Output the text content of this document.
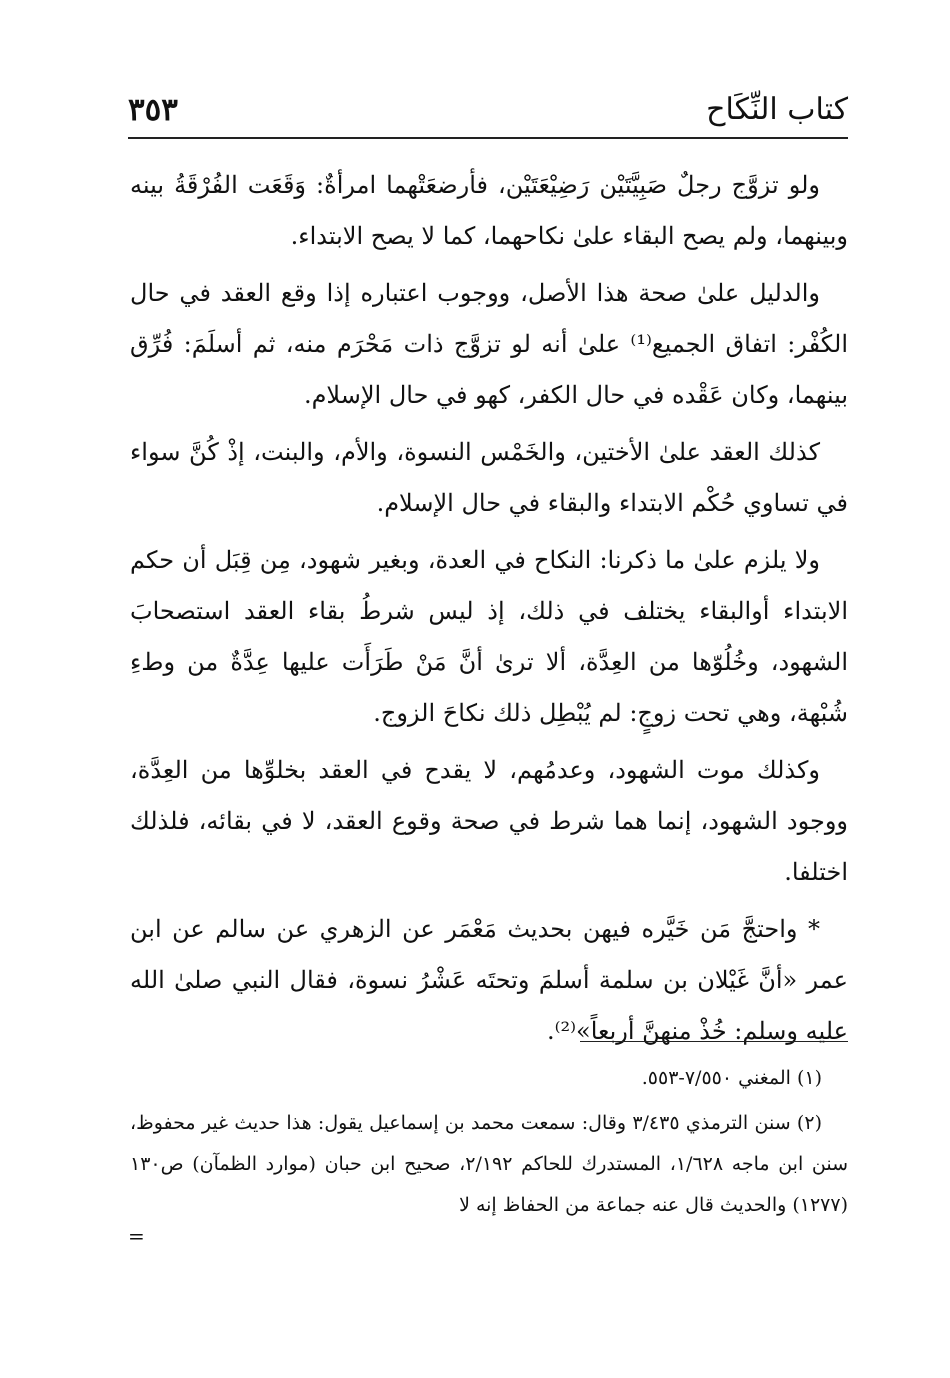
كتاب النِّكَاح
٣٥٣

ولو تزوَّج رجلٌ صَبِيَّتَيْن رَضِيْعَتَيْن، فأرضعَتْهما امرأةٌ: وَقَعَت الفُرْقَةُ بينه وبينهما، ولم يصح البقاء علىٰ نكاحهما، كما لا يصح الابتداء.

والدليل علىٰ صحة هذا الأصل، ووجوب اعتباره إذا وقع العقد في حال الكُفْر: اتفاق الجميع⁽¹⁾ علىٰ أنه لو تزوَّج ذات مَحْرَم منه، ثم أسلَمَ: فُرِّق بينهما، وكان عَقْده في حال الكفر، كهو في حال الإسلام.

كذلك العقد علىٰ الأختين، والخَمْس النسوة، والأم، والبنت، إذْ كُنَّ سواء في تساوي حُكْم الابتداء والبقاء في حال الإسلام.

ولا يلزم علىٰ ما ذكرنا: النكاح في العدة، وبغير شهود، مِن قِبَل أن حكم الابتداء أوالبقاء يختلف في ذلك، إذ ليس شرطُ بقاء العقد استصحابَ الشهود، وخُلُوّها من العِدَّة، ألا ترىٰ أنَّ مَنْ طَرَأَت عليها عِدَّةٌ من وطءِ شُبْهة، وهي تحت زوجٍ: لم يُبْطِل ذلك نكاحَ الزوج.

وكذلك موت الشهود، وعدمُهم، لا يقدح في العقد بخلوِّها من العِدَّة، ووجود الشهود، إنما هما شرط في صحة وقوع العقد، لا في بقائه، فلذلك اختلفا.

* واحتجَّ مَن خَيَّره فيهن بحديث مَعْمَر عن الزهري عن سالم عن ابن عمر «أنَّ غَيْلان بن سلمة أسلمَ وتحتَه عَشْرُ نسوة، فقال النبي صلىٰ الله عليه وسلم: خُذْ منهنَّ أربعاً»⁽²⁾.

(١) المغني ٧/٥٥٠-٥٥٣.

(٢) سنن الترمذي ٣/٤٣٥ وقال: سمعت محمد بن إسماعيل يقول: هذا حديث غير محفوظ، سنن ابن ماجه ١/٦٢٨، المستدرك للحاكم ٢/١٩٢، صحيح ابن حبان (موارد الظمآن) ص١٣٠ (١٢٧٧) والحديث قال عنه جماعة من الحفاظ إنه لا

=
